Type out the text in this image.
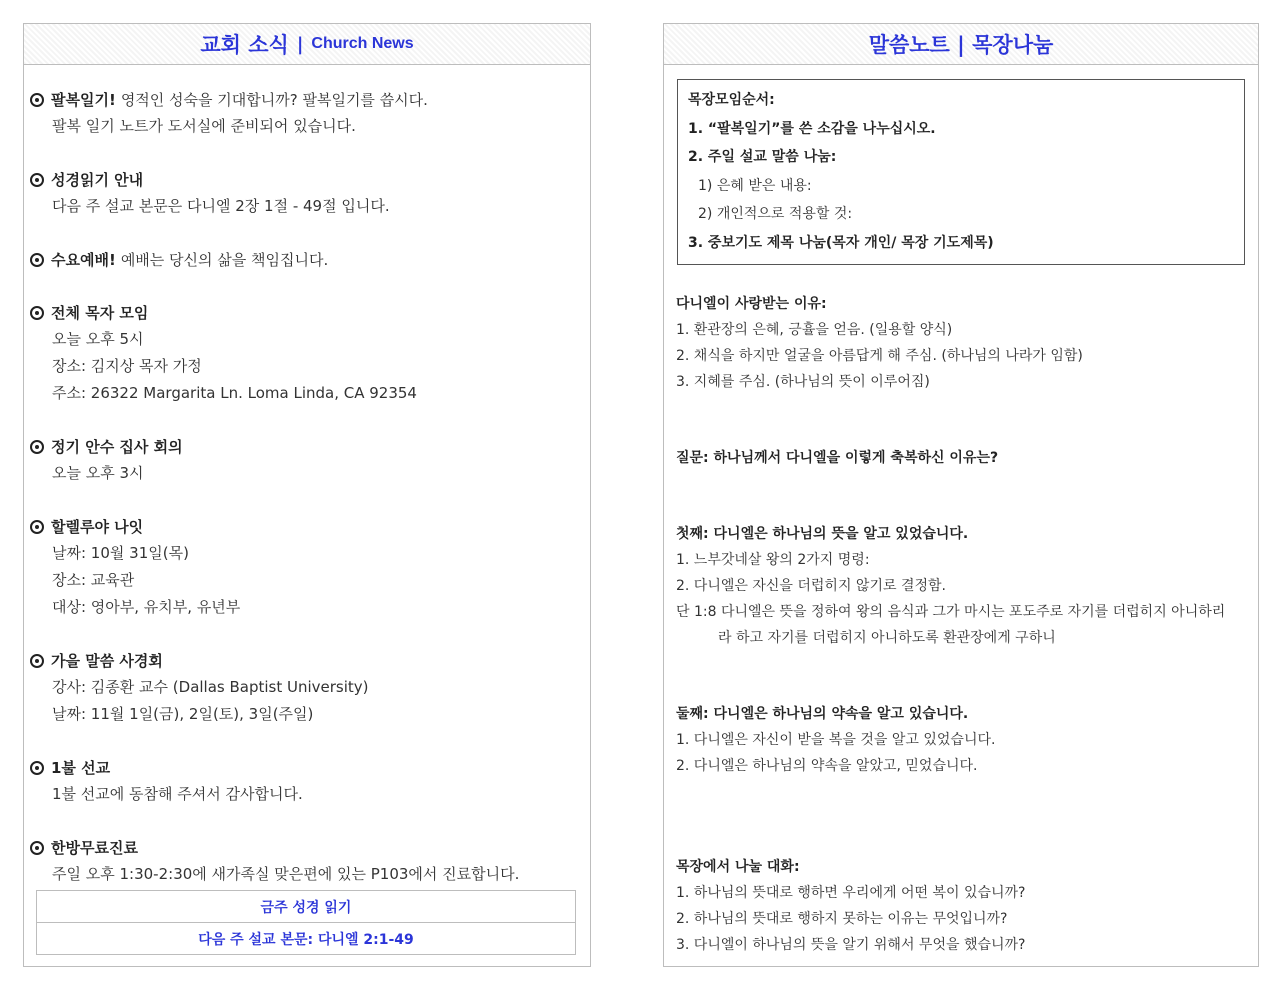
교회 소식 | Church News
팔복일기! 영적인 성숙을 기대합니까? 팔복일기를 씁시다.
팔복 일기 노트가 도서실에 준비되어 있습니다.
성경읽기 안내
다음 주 설교 본문은 다니엘 2장 1절 - 49절 입니다.
수요예배! 예배는 당신의 삶을 책임집니다.
전체 목자 모임
오늘 오후 5시
장소: 김지상 목자 가정
주소: 26322 Margarita Ln. Loma Linda, CA 92354
정기 안수 집사 회의
오늘 오후 3시
할렐루야 나잇
날짜: 10월 31일(목)
장소: 교육관
대상: 영아부, 유치부, 유년부
가을 말씀 사경회
강사: 김종환 교수 (Dallas Baptist University)
날짜: 11월 1일(금), 2일(토), 3일(주일)
1불 선교
1불 선교에 동참해 주셔서 감사합니다.
한방무료진료
주일 오후 1:30-2:30에 새가족실 맞은편에 있는 P103에서 진료합니다.
금주 성경 읽기
다음 주 설교 본문: 다니엘 2:1-49
말씀노트 | 목장나눔
목장모임순서:
1. “팔복일기”를 쓴 소감을 나누십시오.
2. 주일 설교 말씀 나눔:
1) 은혜 받은 내용:
2) 개인적으로 적용할 것:
3. 중보기도 제목 나눔(목자 개인/ 목장 기도제목)
다니엘이 사랑받는 이유:
1. 환관장의 은혜, 긍휼을 얻음. (일용할 양식)
2. 채식을 하지만 얼굴을 아름답게 해 주심. (하나님의 나라가 임함)
3. 지혜를 주심. (하나님의 뜻이 이루어짐)
질문: 하나님께서 다니엘을 이렇게 축복하신 이유는?
첫째: 다니엘은 하나님의 뜻을 알고 있었습니다.
1. 느부갓네살 왕의 2가지 명령:
2. 다니엘은 자신을 더럽히지 않기로 결정함.
단 1:8 다니엘은 뜻을 정하여 왕의 음식과 그가 마시는 포도주로 자기를 더럽히지 아니하리
라 하고 자기를 더럽히지 아니하도록 환관장에게 구하니
둘째: 다니엘은 하나님의 약속을 알고 있습니다.
1. 다니엘은 자신이 받을 복을 것을 알고 있었습니다.
2. 다니엘은 하나님의 약속을 알았고, 믿었습니다.
목장에서 나눌 대화:
1. 하나님의 뜻대로 행하면 우리에게 어떤 복이 있습니까?
2. 하나님의 뜻대로 행하지 못하는 이유는 무엇입니까?
3. 다니엘이 하나님의 뜻을 알기 위해서 무엇을 했습니까?
